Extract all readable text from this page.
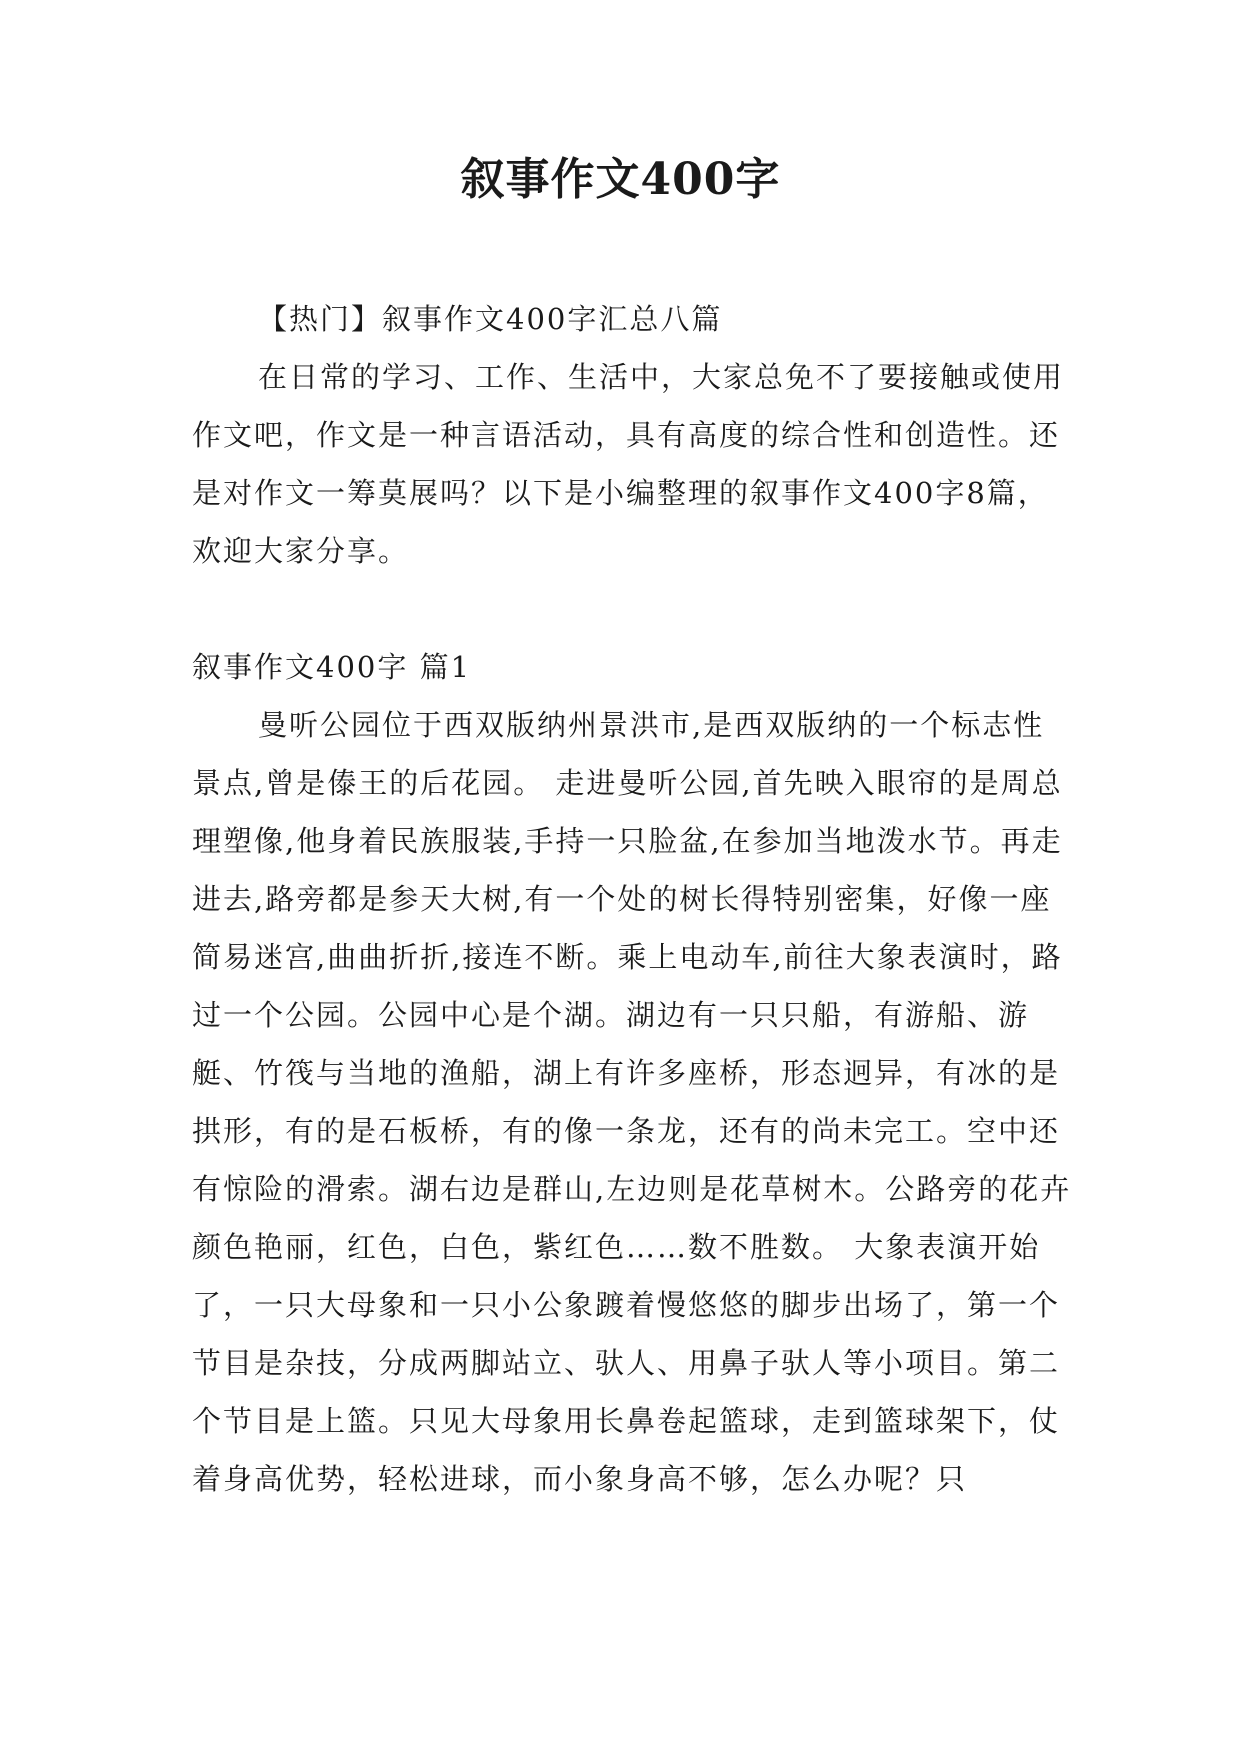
叙事作文400字

【热门】叙事作文400字汇总八篇

在日常的学习、工作、生活中，大家总免不了要接触或使用作文吧，作文是一种言语活动，具有高度的综合性和创造性。还是对作文一筹莫展吗？以下是小编整理的叙事作文400字8篇，欢迎大家分享。

叙事作文400字 篇1

曼听公园位于西双版纳州景洪市,是西双版纳的一个标志性景点,曾是傣王的后花园。 走进曼听公园,首先映入眼帘的是周总理塑像,他身着民族服装,手持一只脸盆,在参加当地泼水节。再走进去,路旁都是参天大树,有一个处的树长得特别密集，好像一座简易迷宫,曲曲折折,接连不断。乘上电动车,前往大象表演时，路过一个公园。公园中心是个湖。湖边有一只只船，有游船、游艇、竹筏与当地的渔船，湖上有许多座桥，形态迥异，有冰的是拱形，有的是石板桥，有的像一条龙，还有的尚未完工。空中还有惊险的滑索。湖右边是群山,左边则是花草树木。公路旁的花卉颜色艳丽，红色，白色，紫红色……数不胜数。 大象表演开始了，一只大母象和一只小公象踱着慢悠悠的脚步出场了，第一个节目是杂技，分成两脚站立、驮人、用鼻子驮人等小项目。第二个节目是上篮。只见大母象用长鼻卷起篮球，走到篮球架下，仗着身高优势，轻松进球，而小象身高不够，怎么办呢？只
